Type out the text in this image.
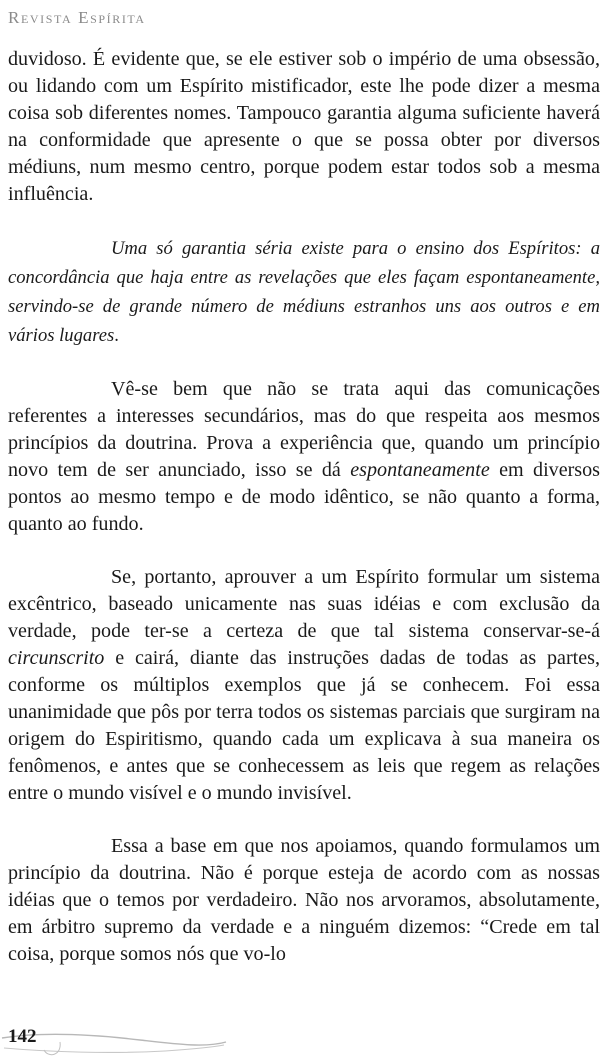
Revista Espírita

duvidoso. É evidente que, se ele estiver sob o império de uma obsessão, ou lidando com um Espírito mistificador, este lhe pode dizer a mesma coisa sob diferentes nomes. Tampouco garantia alguma suficiente haverá na conformidade que apresente o que se possa obter por diversos médiuns, num mesmo centro, porque podem estar todos sob a mesma influência.

Uma só garantia séria existe para o ensino dos Espíritos: a concordância que haja entre as revelações que eles façam espontaneamente, servindo-se de grande número de médiuns estranhos uns aos outros e em vários lugares.

Vê-se bem que não se trata aqui das comunicações referentes a interesses secundários, mas do que respeita aos mesmos princípios da doutrina. Prova a experiência que, quando um princípio novo tem de ser anunciado, isso se dá espontaneamente em diversos pontos ao mesmo tempo e de modo idêntico, se não quanto a forma, quanto ao fundo.

Se, portanto, aprouver a um Espírito formular um sistema excêntrico, baseado unicamente nas suas idéias e com exclusão da verdade, pode ter-se a certeza de que tal sistema conservar-se-á circunscrito e cairá, diante das instruções dadas de todas as partes, conforme os múltiplos exemplos que já se conhecem. Foi essa unanimidade que pôs por terra todos os sistemas parciais que surgiram na origem do Espiritismo, quando cada um explicava à sua maneira os fenômenos, e antes que se conhecessem as leis que regem as relações entre o mundo visível e o mundo invisível.

Essa a base em que nos apoiamos, quando formulamos um princípio da doutrina. Não é porque esteja de acordo com as nossas idéias que o temos por verdadeiro. Não nos arvoramos, absolutamente, em árbitro supremo da verdade e a ninguém dizemos: “Crede em tal coisa, porque somos nós que vo-lo

142
